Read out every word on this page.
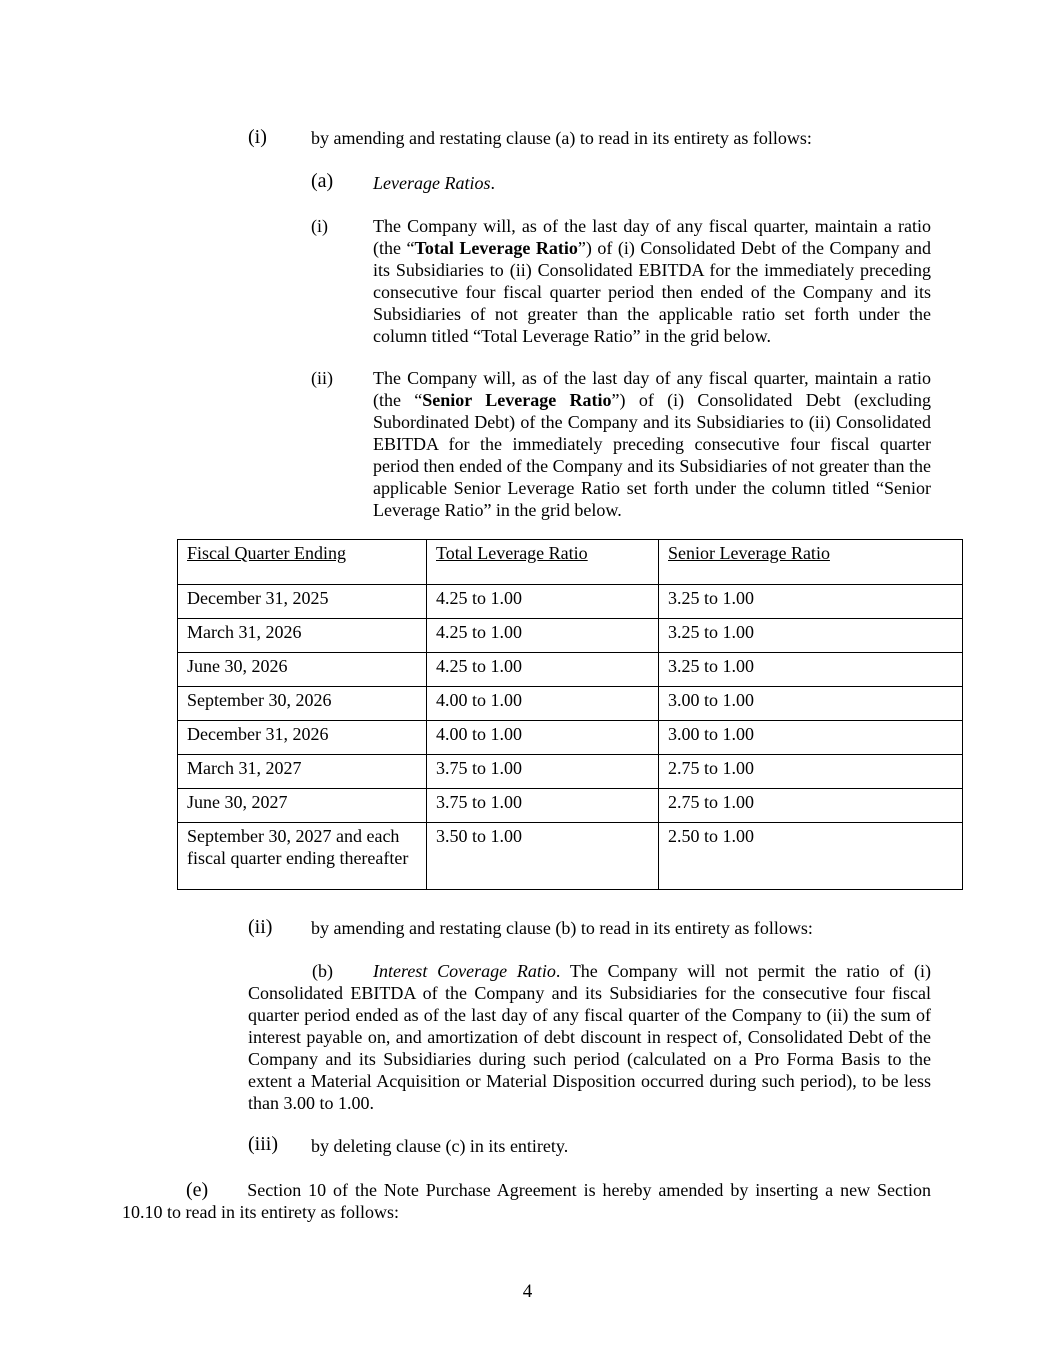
(i) by amending and restating clause (a) to read in its entirety as follows:
(a) Leverage Ratios.
(i)	The Company will, as of the last day of any fiscal quarter, maintain a ratio (the “Total Leverage Ratio”) of (i) Consolidated Debt of the Company and its Subsidiaries to (ii) Consolidated EBITDA for the immediately preceding consecutive four fiscal quarter period then ended of the Company and its Subsidiaries of not greater than the applicable ratio set forth under the column titled “Total Leverage Ratio” in the grid below.
(ii) The Company will, as of the last day of any fiscal quarter, maintain a ratio (the “Senior Leverage Ratio”) of (i) Consolidated Debt (excluding Subordinated Debt) of the Company and its Subsidiaries to (ii) Consolidated EBITDA for the immediately preceding consecutive four fiscal quarter period then ended of the Company and its Subsidiaries of not greater than the applicable Senior Leverage Ratio set forth under the column titled “Senior Leverage Ratio” in the grid below.
Fiscal Quarter Ending	Total Leverage Ratio	Senior Leverage Ratio
December 31, 2025	4.25 to 1.00	3.25 to 1.00
March 31, 2026	4.25 to 1.00	3.25 to 1.00
June 30, 2026	4.25 to 1.00	3.25 to 1.00
September 30, 2026	4.00 to 1.00	3.00 to 1.00
December 31, 2026	4.00 to 1.00	3.00 to 1.00
March 31, 2027	3.75 to 1.00	2.75 to 1.00
June 30, 2027	3.75 to 1.00	2.75 to 1.00
September 30, 2027 and each fiscal quarter ending thereafter	3.50 to 1.00	2.50 to 1.00
(ii) by amending and restating clause (b) to read in its entirety as follows:
(b) Interest Coverage Ratio. The Company will not permit the ratio of (i) Consolidated EBITDA of the Company and its Subsidiaries for the consecutive four fiscal quarter period ended as of the last day of any fiscal quarter of the Company to (ii) the sum of interest payable on, and amortization of debt discount in respect of, Consolidated Debt of the Company and its Subsidiaries during such period (calculated on a Pro Forma Basis to the extent a Material Acquisition or Material Disposition occurred during such period), to be less than 3.00 to 1.00.
(iii) by deleting clause (c) in its entirety.
(e) Section 10 of the Note Purchase Agreement is hereby amended by inserting a new Section 10.10 to read in its entirety as follows:
4
